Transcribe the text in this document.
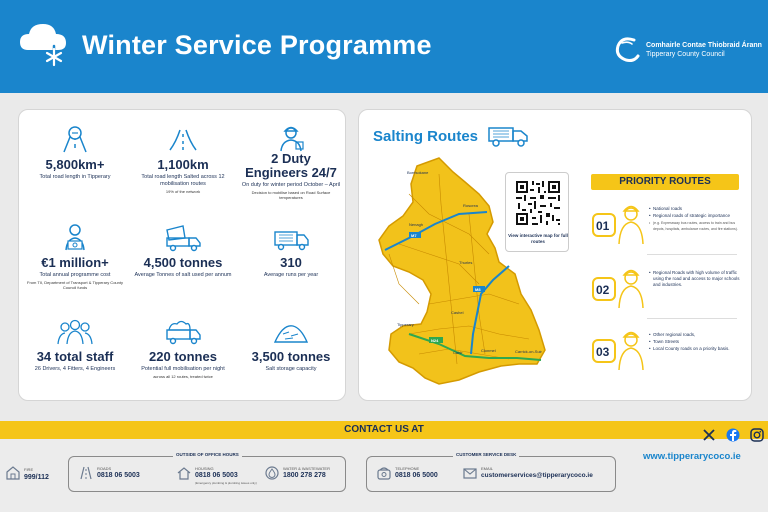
Winter Service Programme	Comhairle Contae Thiobraid Árann
Tipperary County Council
5,800km+
Total road length in Tipperary
1,100km
Total road length Salted across 12 mobilisation routes
19% of the network
2 Duty Engineers 24/7
On duty for winter period October – April
Decision to mobilise based on Road Surface temperatures
€1 million+
Total annual programme cost
From TII, Department of Transport & Tipperary County Council funds
4,500 tonnes
Average Tonnes of salt used per annum
310
Average runs per year
34 total staff
26 Drivers, 4 Fitters, 4 Engineers
220 tonnes
Potential full mobilisation per night
across all 12 routes, treated twice
3,500 tonnes
Salt storage capacity
Salting Routes
Borrisokane
Roscrea
Nenagh
Thurles
Tipperary
Cashel
Cahir	Clonmel	Carrick-on-Suir
M7
M8
N24
View interactive map for full routes
PRIORITY ROUTES
01
• National roads
• Regional roads of strategic importance
• (e.g. Expressway bus routes, access to train and bus depots, hospitals, ambulance routes, and fire stations).
02
• Regional Roads with high volume of traffic using the road and access to major schools and industries.
03
• Other regional roads,
• Town Streets
• Local County roads on a priority basis.
CONTACT US AT
FIRE
999/112
OUTSIDE OF OFFICE HOURS
ROADS
0818 06 5003
HOUSING
0818 06 5003
(Emergency plumbing & plumbing issues only)
WATER & WASTEWATER
1800 278 278
CUSTOMER SERVICE DESK
TELEPHONE
0818 06 5000
EMAIL
customerservices@tipperarycoco.ie
www.tipperarycoco.ie
